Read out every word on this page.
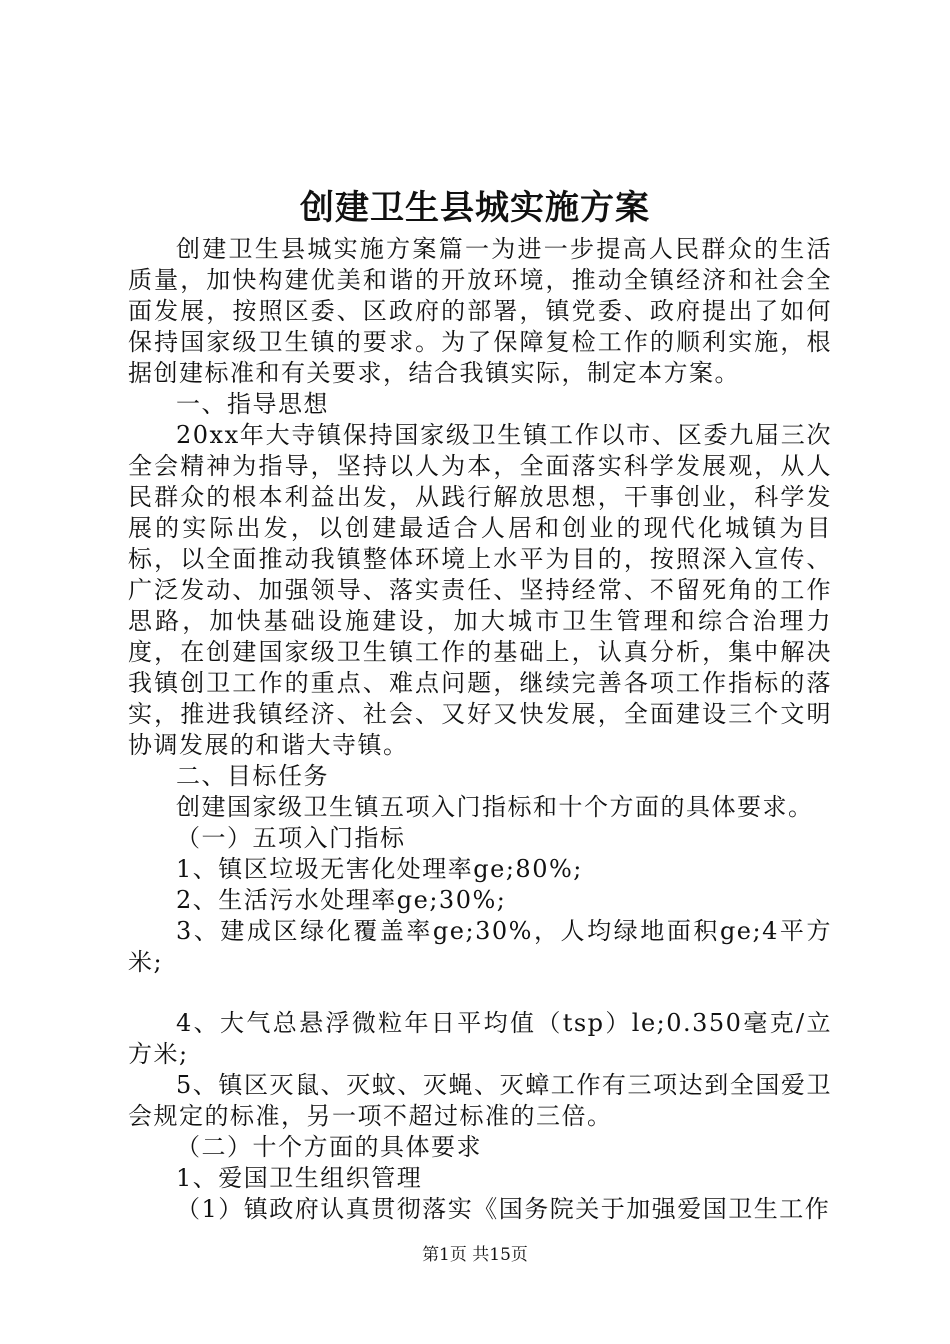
创建卫生县城实施方案

创建卫生县城实施方案篇一为进一步提高人民群众的生活质量，加快构建优美和谐的开放环境，推动全镇经济和社会全面发展，按照区委、区政府的部署，镇党委、政府提出了如何保持国家级卫生镇的要求。为了保障复检工作的顺利实施，根据创建标准和有关要求，结合我镇实际，制定本方案。

一、指导思想

20xx年大寺镇保持国家级卫生镇工作以市、区委九届三次全会精神为指导，坚持以人为本，全面落实科学发展观，从人民群众的根本利益出发，从践行解放思想，干事创业，科学发展的实际出发，以创建最适合人居和创业的现代化城镇为目标，以全面推动我镇整体环境上水平为目的，按照深入宣传、广泛发动、加强领导、落实责任、坚持经常、不留死角的工作思路，加快基础设施建设，加大城市卫生管理和综合治理力度，在创建国家级卫生镇工作的基础上，认真分析，集中解决我镇创卫工作的重点、难点问题，继续完善各项工作指标的落实，推进我镇经济、社会、又好又快发展，全面建设三个文明协调发展的和谐大寺镇。

二、目标任务

创建国家级卫生镇五项入门指标和十个方面的具体要求。

（一）五项入门指标

1、镇区垃圾无害化处理率ge;80%;

2、生活污水处理率ge;30%;

3、建成区绿化覆盖率ge;30%，人均绿地面积ge;4平方米;

4、大气总悬浮微粒年日平均值（tsp）le;0.350毫克/立方米;

5、镇区灭鼠、灭蚊、灭蝇、灭蟑工作有三项达到全国爱卫会规定的标准，另一项不超过标准的三倍。

（二）十个方面的具体要求

1、爱国卫生组织管理

（1）镇政府认真贯彻落实《国务院关于加强爱国卫生工作

第1页 共15页
